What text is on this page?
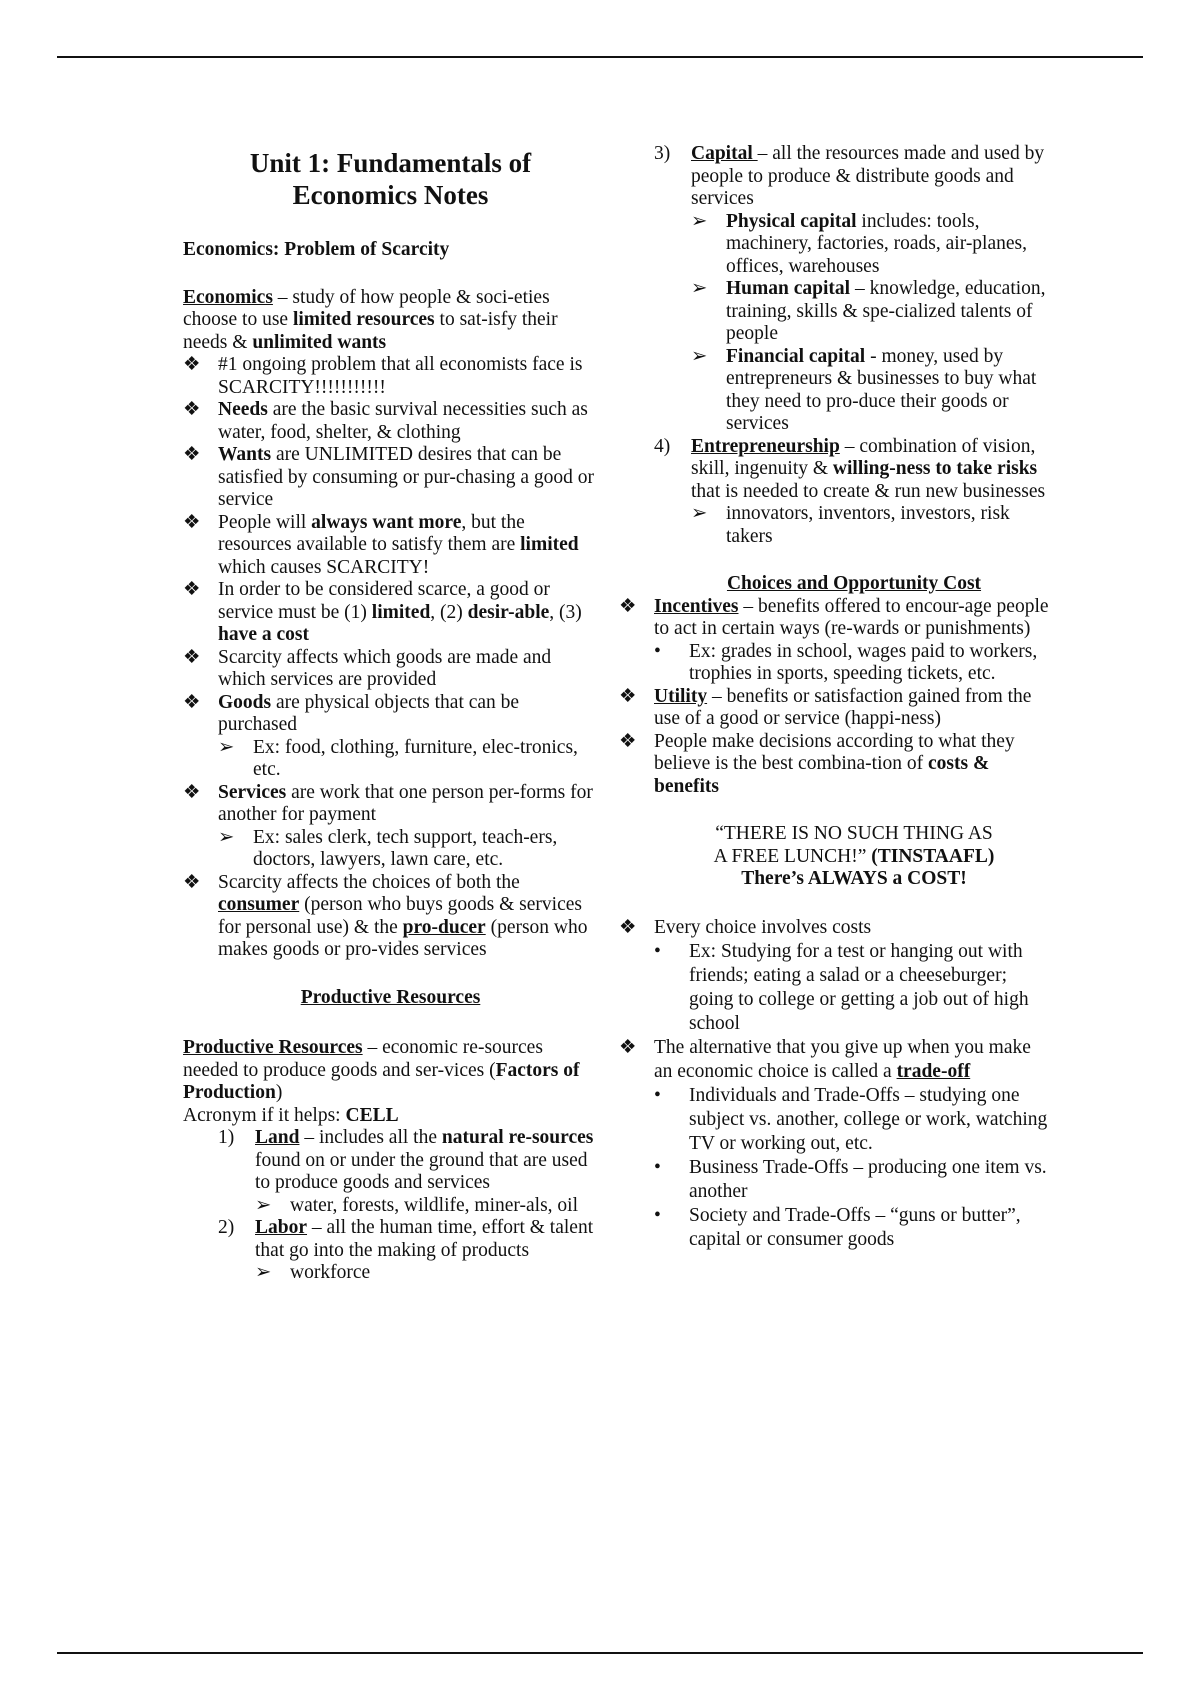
Unit 1: Fundamentals of
Economics Notes

Economics: Problem of Scarcity

Economics – study of how people & soci-eties choose to use limited resources to sat-isfy their needs & unlimited wants

❖ #1 ongoing problem that all economists face is SCARCITY!!!!!!!!!!!
❖ Needs are the basic survival necessities such as water, food, shelter, & clothing
❖ Wants are UNLIMITED desires that can be satisfied by consuming or pur-chasing a good or service
❖ People will always want more, but the resources available to satisfy them are limited which causes SCARCITY!
❖ In order to be considered scarce, a good or service must be (1) limited, (2) desir-able, (3) have a cost
❖ Scarcity affects which goods are made and which services are provided
❖ Goods are physical objects that can be purchased
➢ Ex: food, clothing, furniture, elec-tronics, etc.
❖ Services are work that one person per-forms for another for payment
➢ Ex: sales clerk, tech support, teach-ers, doctors, lawyers, lawn care, etc.
❖ Scarcity affects the choices of both the consumer (person who buys goods & services for personal use) & the pro-ducer (person who makes goods or pro-vides services

Productive Resources

Productive Resources – economic re-sources needed to produce goods and ser-vices (Factors of Production)

Acronym if it helps: CELL

1) Land – includes all the natural re-sources found on or under the ground that are used to produce goods and services
➢ water, forests, wildlife, miner-als, oil
2) Labor – all the human time, effort & talent that go into the making of products
➢ workforce
3) Capital – all the resources made and used by people to produce & distribute goods and services
➢ Physical capital includes: tools, machinery, factories, roads, air-planes, offices, warehouses
➢ Human capital – knowledge, education, training, skills & spe-cialized talents of people
➢ Financial capital - money, used by entrepreneurs & businesses to buy what they need to pro-duce their goods or services
4) Entrepreneurship – combination of vision, skill, ingenuity & willing-ness to take risks that is needed to create & run new businesses
➢ innovators, inventors, investors, risk takers

Choices and Opportunity Cost

❖ Incentives – benefits offered to encour-age people to act in certain ways (re-wards or punishments)
•	Ex: grades in school, wages paid to workers, trophies in sports, speeding tickets, etc.
❖ Utility – benefits or satisfaction gained from the use of a good or service (happi-ness)
❖ People make decisions according to what they believe is the best combina-tion of costs & benefits

“THERE IS NO SUCH THING AS
A FREE LUNCH!” (TINSTAAFL)
There’s ALWAYS a COST!

❖ Every choice involves costs
•	Ex: Studying for a test or hanging out with friends; eating a salad or a cheeseburger; going to college or getting a job out of high school
❖ The alternative that you give up when you make an economic choice is called a trade-off
•	Individuals and Trade-Offs – studying one subject vs. another, college or work, watching TV or working out, etc.
•	Business Trade-Offs – producing one item vs. another
•	Society and Trade-Offs – “guns or butter”, capital or consumer goods
